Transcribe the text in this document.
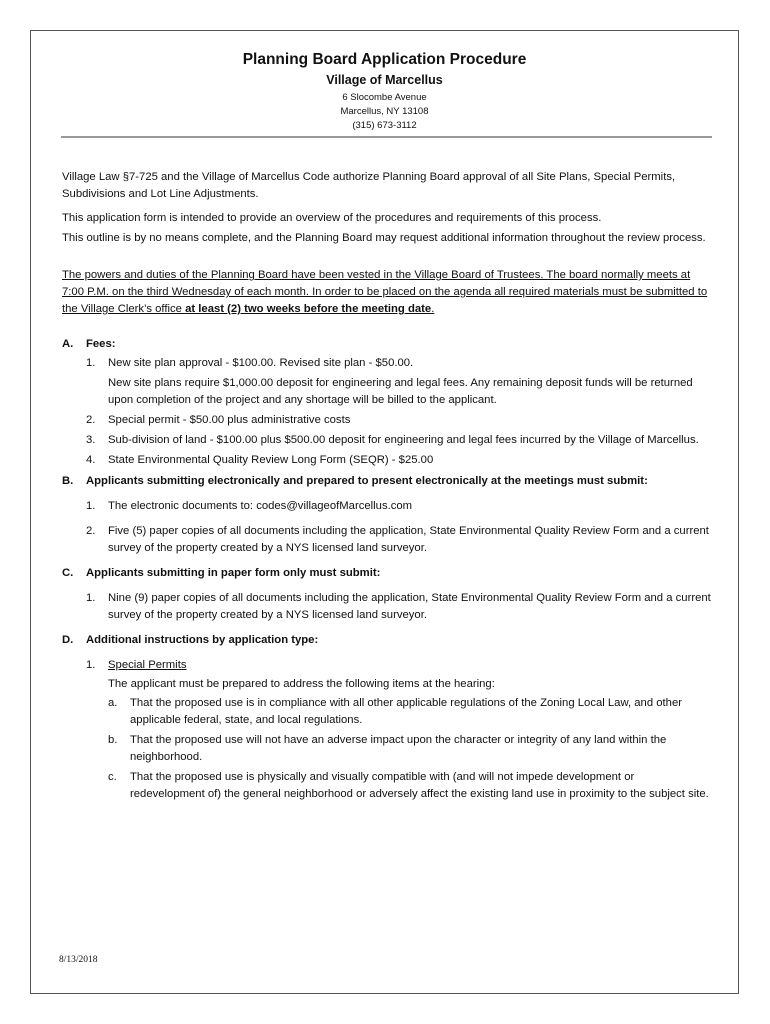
Planning Board Application Procedure
Village of Marcellus
6 Slocombe Avenue
Marcellus, NY 13108
(315) 673-3112

Village Law §7-725 and the Village of Marcellus Code authorize Planning Board approval of all Site Plans, Special Permits, Subdivisions and Lot Line Adjustments.

This application form is intended to provide an overview of the procedures and requirements of this process.

This outline is by no means complete, and the Planning Board may request additional information throughout the review process.

The powers and duties of the Planning Board have been vested in the Village Board of Trustees. The board normally meets at 7:00 P.M. on the third Wednesday of each month. In order to be placed on the agenda all required materials must be submitted to the Village Clerk’s office at least (2) two weeks before the meeting date.

A. Fees:
1. New site plan approval - $100.00. Revised site plan - $50.00.
New site plans require $1,000.00 deposit for engineering and legal fees. Any remaining deposit funds will be returned upon completion of the project and any shortage will be billed to the applicant.
2. Special permit - $50.00 plus administrative costs
3. Sub-division of land - $100.00 plus $500.00 deposit for engineering and legal fees incurred by the Village of Marcellus.
4. State Environmental Quality Review Long Form (SEQR) - $25.00
B. Applicants submitting electronically and prepared to present electronically at the meetings must submit:
1. The electronic documents to: codes@villageofMarcellus.com
2. Five (5) paper copies of all documents including the application, State Environmental Quality Review Form and a current survey of the property created by a NYS licensed land surveyor.
C. Applicants submitting in paper form only must submit:
1. Nine (9) paper copies of all documents including the application, State Environmental Quality Review Form and a current survey of the property created by a NYS licensed land surveyor.
D. Additional instructions by application type:
1. Special Permits
The applicant must be prepared to address the following items at the hearing:
a. That the proposed use is in compliance with all other applicable regulations of the Zoning Local Law, and other applicable federal, state, and local regulations.
b. That the proposed use will not have an adverse impact upon the character or integrity of any land within the neighborhood.
c. That the proposed use is physically and visually compatible with (and will not impede development or redevelopment of) the general neighborhood or adversely affect the existing land use in proximity to the subject site.
8/13/2018
